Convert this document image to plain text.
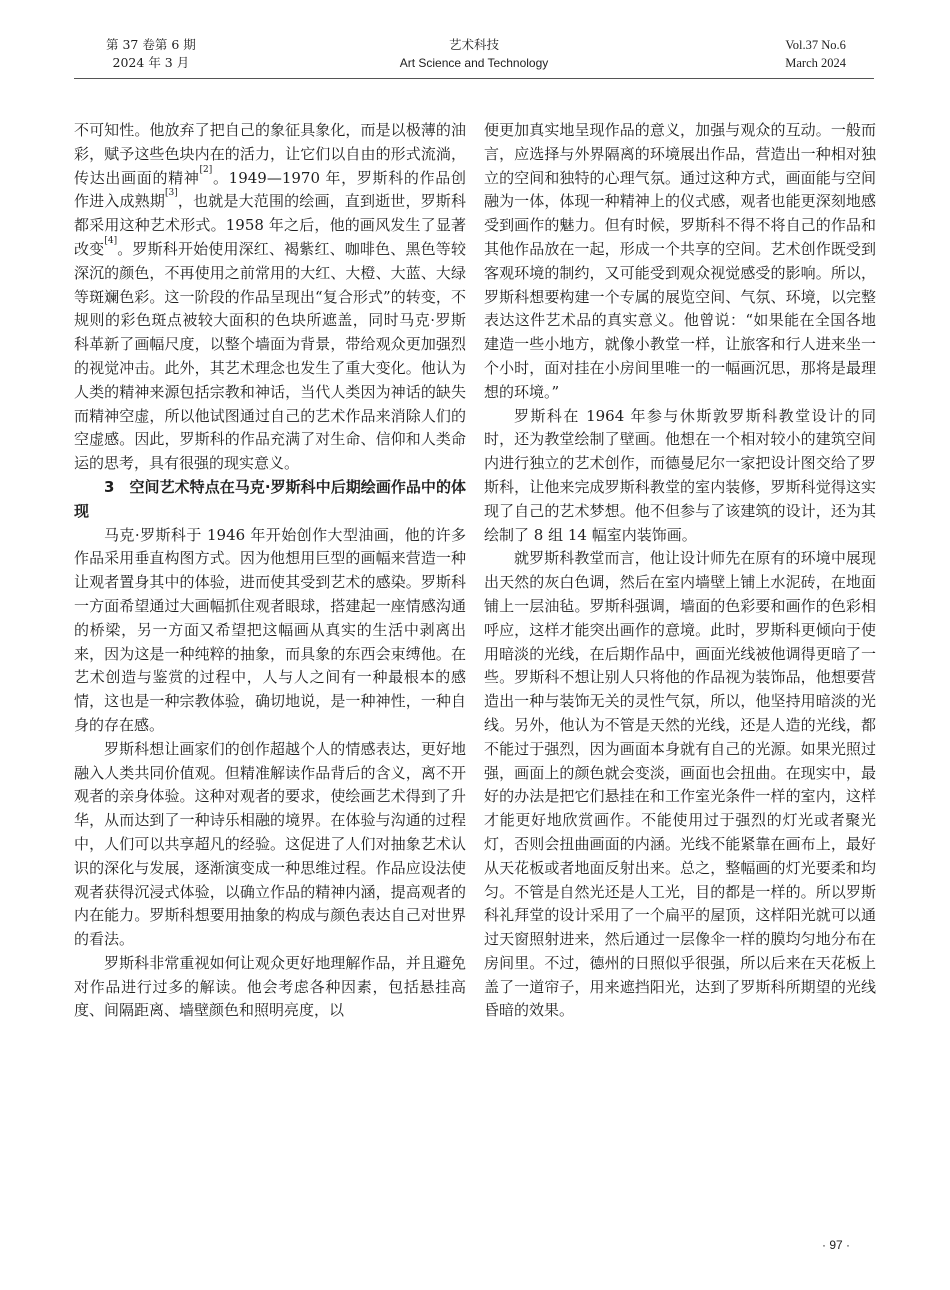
第 37 卷第 6 期
2024 年 3 月
艺术科技
Art Science and Technology
Vol.37 No.6
March 2024

不可知性。他放弃了把自己的象征具象化，而是以极薄的油彩，赋予这些色块内在的活力，让它们以自由的形式流淌，传达出画面的精神[2]。1949—1970 年，罗斯科的作品创作进入成熟期[3]，也就是大范围的绘画，直到逝世，罗斯科都采用这种艺术形式。1958 年之后，他的画风发生了显著改变[4]。罗斯科开始使用深红、褐紫红、咖啡色、黑色等较深沉的颜色，不再使用之前常用的大红、大橙、大蓝、大绿等斑斓色彩。这一阶段的作品呈现出“复合形式”的转变，不规则的彩色斑点被较大面积的色块所遮盖，同时马克·罗斯科革新了画幅尺度，以整个墙面为背景，带给观众更加强烈的视觉冲击。此外，其艺术理念也发生了重大变化。他认为人类的精神来源包括宗教和神话，当代人类因为神话的缺失而精神空虚，所以他试图通过自己的艺术作品来消除人们的空虚感。因此，罗斯科的作品充满了对生命、信仰和人类命运的思考，具有很强的现实意义。

3　空间艺术特点在马克·罗斯科中后期绘画作品中的体现

马克·罗斯科于 1946 年开始创作大型油画，他的许多作品采用垂直构图方式。因为他想用巨型的画幅来营造一种让观者置身其中的体验，进而使其受到艺术的感染。罗斯科一方面希望通过大画幅抓住观者眼球，搭建起一座情感沟通的桥梁，另一方面又希望把这幅画从真实的生活中剥离出来，因为这是一种纯粹的抽象，而具象的东西会束缚他。在艺术创造与鉴赏的过程中，人与人之间有一种最根本的感情，这也是一种宗教体验，确切地说，是一种神性，一种自身的存在感。

罗斯科想让画家们的创作超越个人的情感表达，更好地融入人类共同价值观。但精准解读作品背后的含义，离不开观者的亲身体验。这种对观者的要求，使绘画艺术得到了升华，从而达到了一种诗乐相融的境界。在体验与沟通的过程中，人们可以共享超凡的经验。这促进了人们对抽象艺术认识的深化与发展，逐渐演变成一种思维过程。作品应设法使观者获得沉浸式体验，以确立作品的精神内涵，提高观者的内在能力。罗斯科想要用抽象的构成与颜色表达自己对世界的看法。

罗斯科非常重视如何让观众更好地理解作品，并且避免对作品进行过多的解读。他会考虑各种因素，包括悬挂高度、间隔距离、墙壁颜色和照明亮度，以

便更加真实地呈现作品的意义，加强与观众的互动。一般而言，应选择与外界隔离的环境展出作品，营造出一种相对独立的空间和独特的心理气氛。通过这种方式，画面能与空间融为一体，体现一种精神上的仪式感，观者也能更深刻地感受到画作的魅力。但有时候，罗斯科不得不将自己的作品和其他作品放在一起，形成一个共享的空间。艺术创作既受到客观环境的制约，又可能受到观众视觉感受的影响。所以，罗斯科想要构建一个专属的展览空间、气氛、环境，以完整表达这件艺术品的真实意义。他曾说：“如果能在全国各地建造一些小地方，就像小教堂一样，让旅客和行人进来坐一个小时，面对挂在小房间里唯一的一幅画沉思，那将是最理想的环境。”

罗斯科在 1964 年参与休斯敦罗斯科教堂设计的同时，还为教堂绘制了壁画。他想在一个相对较小的建筑空间内进行独立的艺术创作，而德曼尼尔一家把设计图交给了罗斯科，让他来完成罗斯科教堂的室内装修，罗斯科觉得这实现了自己的艺术梦想。他不但参与了该建筑的设计，还为其绘制了 8 组 14 幅室内装饰画。

就罗斯科教堂而言，他让设计师先在原有的环境中展现出天然的灰白色调，然后在室内墙壁上铺上水泥砖，在地面铺上一层油毡。罗斯科强调，墙面的色彩要和画作的色彩相呼应，这样才能突出画作的意境。此时，罗斯科更倾向于使用暗淡的光线，在后期作品中，画面光线被他调得更暗了一些。罗斯科不想让别人只将他的作品视为装饰品，他想要营造出一种与装饰无关的灵性气氛，所以，他坚持用暗淡的光线。另外，他认为不管是天然的光线，还是人造的光线，都不能过于强烈，因为画面本身就有自己的光源。如果光照过强，画面上的颜色就会变淡，画面也会扭曲。在现实中，最好的办法是把它们悬挂在和工作室光条件一样的室内，这样才能更好地欣赏画作。不能使用过于强烈的灯光或者聚光灯，否则会扭曲画面的内涵。光线不能紧靠在画布上，最好从天花板或者地面反射出来。总之，整幅画的灯光要柔和均匀。不管是自然光还是人工光，目的都是一样的。所以罗斯科礼拜堂的设计采用了一个扁平的屋顶，这样阳光就可以通过天窗照射进来，然后通过一层像伞一样的膜均匀地分布在房间里。不过，德州的日照似乎很强，所以后来在天花板上盖了一道帘子，用来遮挡阳光，达到了罗斯科所期望的光线昏暗的效果。

· 97 ·
